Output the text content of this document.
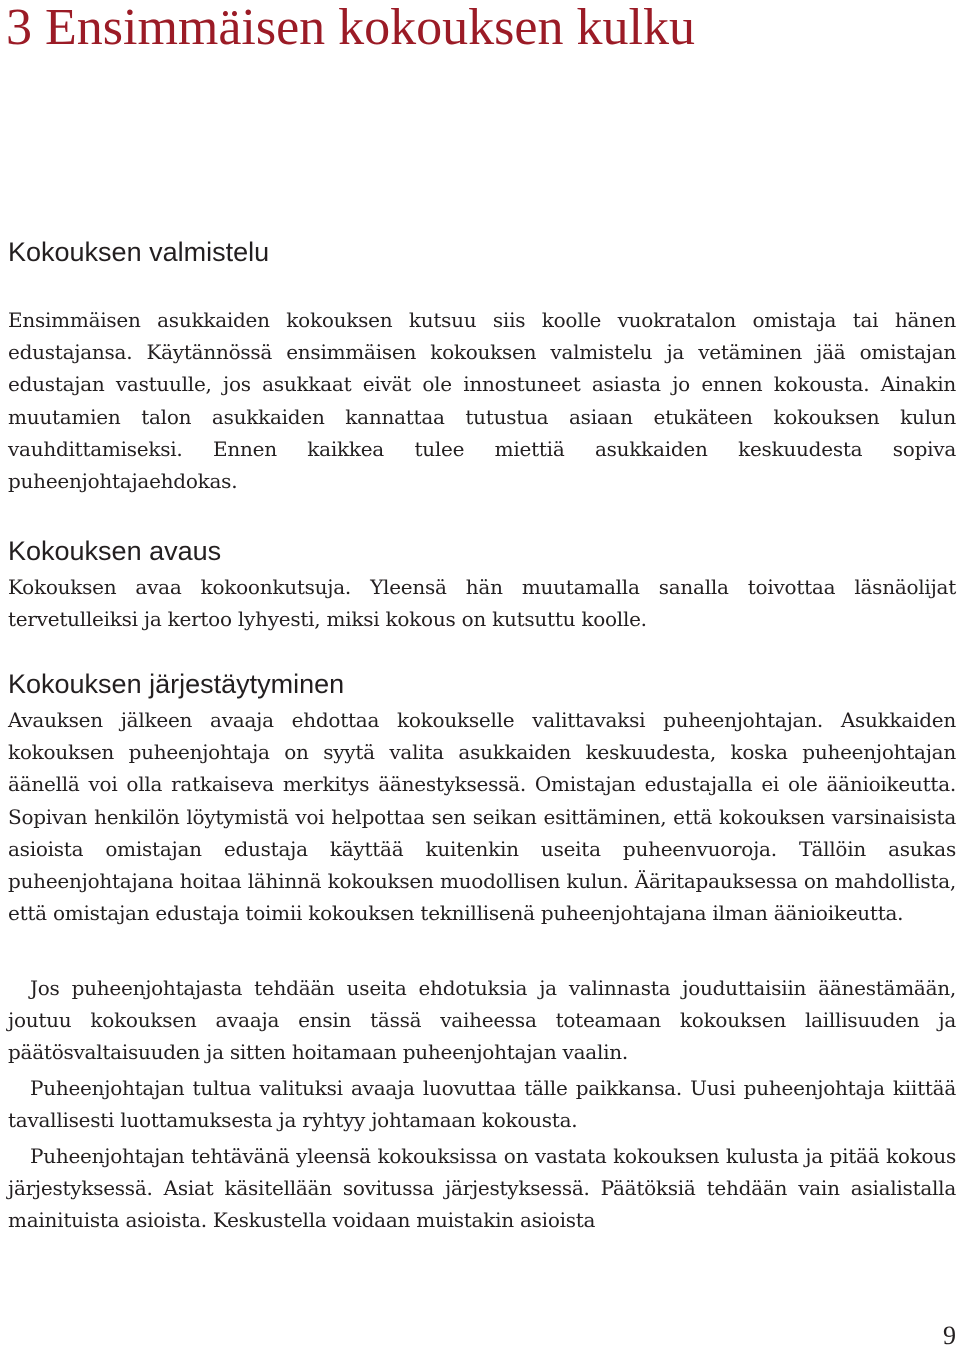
3 Ensimmäisen kokouksen kulku
Kokouksen valmistelu

Ensimmäisen asukkaiden kokouksen kutsuu siis koolle vuokratalon omistaja tai hänen edustajansa. Käytännössä ensimmäisen kokouksen valmistelu ja vetäminen jää omistajan edustajan vastuulle, jos asukkaat eivät ole innostuneet asiasta jo ennen kokousta. Ainakin muutamien talon asukkaiden kannattaa tutustua asiaan etukäteen kokouksen kulun vauhdittamiseksi. Ennen kaikkea tulee miettiä asukkaiden keskuudesta sopiva puheenjohtajaehdokas.

Kokouksen avaus

Kokouksen avaa kokoonkutsuja. Yleensä hän muutamalla sanalla toivottaa läsnäolijat tervetulleiksi ja kertoo lyhyesti, miksi kokous on kutsuttu koolle.

Kokouksen järjestäytyminen

Avauksen jälkeen avaaja ehdottaa kokoukselle valittavaksi puheenjohtajan. Asukkaiden kokouksen puheenjohtaja on syytä valita asukkaiden keskuudesta, koska puheenjohtajan äänellä voi olla ratkaiseva merkitys äänestyksessä. Omistajan edustajalla ei ole äänioikeutta. Sopivan henkilön löytymistä voi helpottaa sen seikan esittäminen, että kokouksen varsinaisista asioista omistajan edustaja käyttää kuitenkin useita puheenvuoroja. Tällöin asukas puheenjohtajana hoitaa lähinnä kokouksen muodollisen kulun. Ääritapauksessa on mahdollista, että omistajan edustaja toimii kokouksen teknillisenä puheenjohtajana ilman äänioikeutta.

Jos puheenjohtajasta tehdään useita ehdotuksia ja valinnasta jouduttaisiin äänestämään, joutuu kokouksen avaaja ensin tässä vaiheessa toteamaan kokouksen laillisuuden ja päätösvaltaisuuden ja sitten hoitamaan puheenjohtajan vaalin.

Puheenjohtajan tultua valituksi avaaja luovuttaa tälle paikkansa. Uusi puheenjohtaja kiittää tavallisesti luottamuksesta ja ryhtyy johtamaan kokousta.

Puheenjohtajan tehtävänä yleensä kokouksissa on vastata kokouksen kulusta ja pitää kokous järjestyksessä. Asiat käsitellään sovitussa järjestyksessä. Päätöksiä tehdään vain asialistalla mainituista asioista. Keskustella voidaan muistakin asioista

9
